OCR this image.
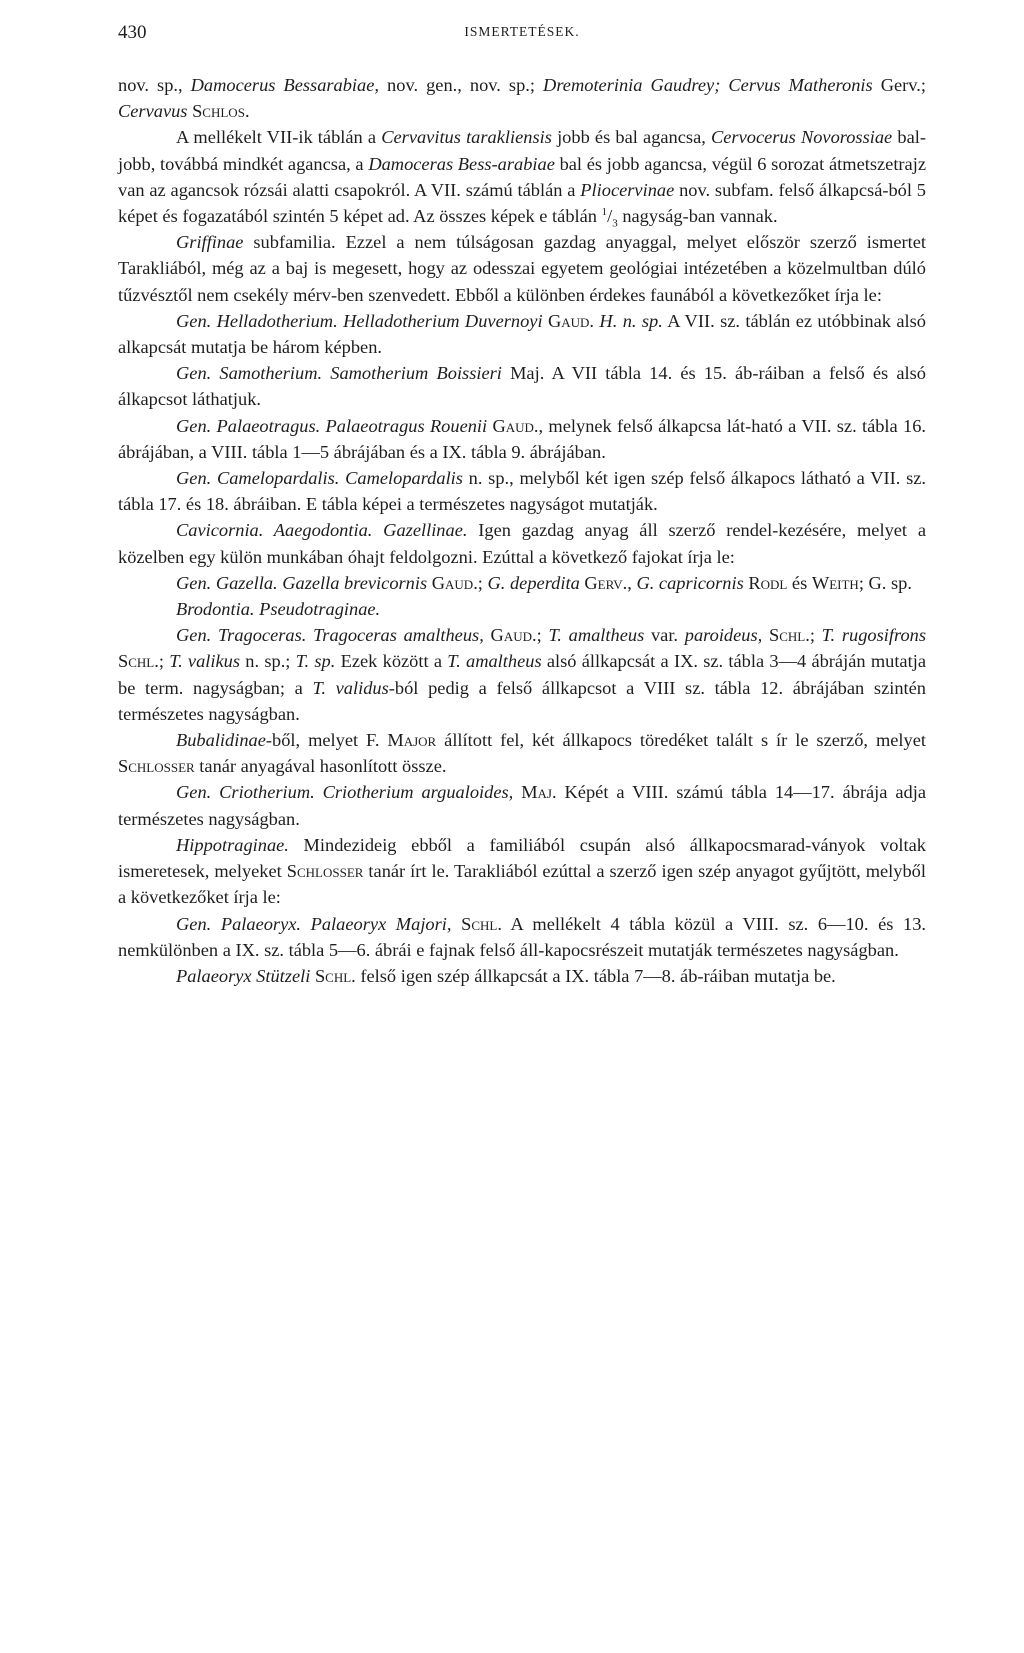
430	ISMERTETÉSEK.

nov. sp., Damocerus Bessarabiae, nov. gen., nov. sp.; Dremoterinia Gaudrey; Cervus Matheronis Gerv.; Cervavus Schlos.

A mellékelt VII-ik táblán a Cervavitus tarakliensis jobb és bal agancsa, Cervocerus Novorossiae bal-jobb, továbbá mindkét agancsa, a Damoceras Bess-arabiae bal és jobb agancsa, végül 6 sorozat átmetszetrajz van az agancsok rózsái alatti csapokról. A VII. számú táblán a Pliocervinae nov. subfam. felső álkapcsá-ból 5 képet és fogazatából szintén 5 képet ad. Az összes képek e táblán $^1/_3$ nagyság-ban vannak.

Griffinae subfamilia. Ezzel a nem túlságosan gazdag anyaggal, melyet először szerző ismertet Tarakliából, még az a baj is megesett, hogy az odesszai egyetem geológiai intézetében a közelmultban dúló tűzvésztől nem csekély mérv-ben szenvedett. Ebből a különben érdekes faunából a következőket írja le:

Gen. Helladotherium. Helladotherium Duvernoyi Gaud. H. n. sp. A VII. sz. táblán ez utóbbinak alsó alkapcsát mutatja be három képben.

Gen. Samotherium. Samotherium Boissieri Maj. A VII tábla 14. és 15. áb-ráiban a felső és alsó álkapcsot láthatjuk.

Gen. Palaeotragus. Palaeotragus Rouenii Gaud., melynek felső álkapcsa lát-ható a VII. sz. tábla 16. ábrájában, a VIII. tábla 1—5 ábrájában és a IX. tábla 9. ábrájában.

Gen. Camelopardalis. Camelopardalis n. sp., melyből két igen szép felső álkapocs látható a VII. sz. tábla 17. és 18. ábráiban. E tábla képei a természetes nagyságot mutatják.

Cavicornia. Aaegodontia. Gazellinae. Igen gazdag anyag áll szerző rendel-kezésére, melyet a közelben egy külön munkában óhajt feldolgozni. Ezúttal a következő fajokat írja le:

Gen. Gazella. Gazella brevicornis Gaud.; G. deperdita Gerv., G. capricornis Rodl és Weith; G. sp.

Brodontia. Pseudotraginae.

Gen. Tragoceras. Tragoceras amaltheus, Gaud.; T. amaltheus var. paroideus, Schl.; T. rugosifrons Schl.; T. valikus n. sp.; T. sp. Ezek között a T. amaltheus alsó állkapcsát a IX. sz. tábla 3—4 ábráján mutatja be term. nagyságban; a T. validus-ból pedig a felső állkapcsot a VIII sz. tábla 12. ábrájában szintén természetes nagyságban.

Bubalidinae-ből, melyet F. Major állított fel, két állkapocs töredéket talált s ír le szerző, melyet Schlosser tanár anyagával hasonlított össze.

Gen. Criotherium. Criotherium argualoides, Maj. Képét a VIII. számú tábla 14—17. ábrája adja természetes nagyságban.

Hippotraginae. Mindezideig ebből a familiából csupán alsó állkapocsmarad-ványok voltak ismeretesek, melyeket Schlosser tanár írt le. Tarakliából ezúttal a szerző igen szép anyagot gyűjtött, melyből a következőket írja le:

Gen. Palaeoryx. Palaeoryx Majori, Schl. A mellékelt 4 tábla közül a VIII. sz. 6—10. és 13. nemkülönben a IX. sz. tábla 5—6. ábrái e fajnak felső áll-kapocsrészeit mutatják természetes nagyságban.

Palaeoryx Stützeli Schl. felső igen szép állkapcsát a IX. tábla 7—8. áb-ráiban mutatja be.
